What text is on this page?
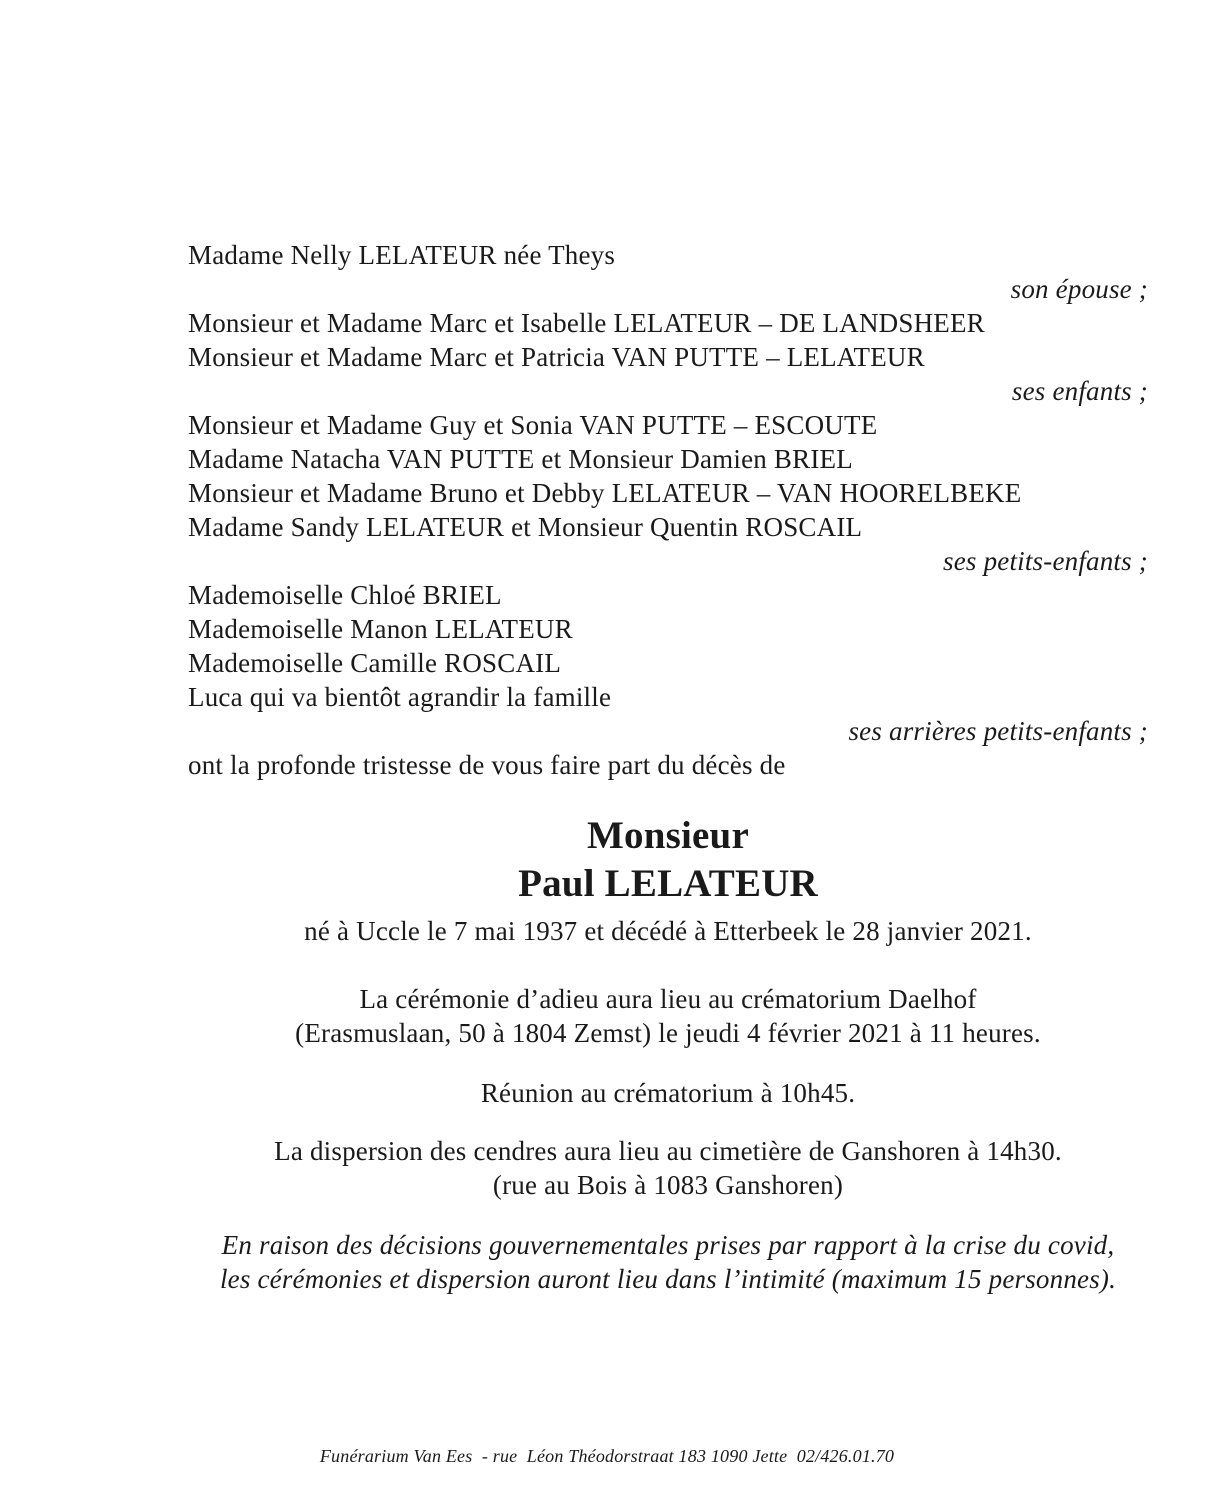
Madame Nelly LELATEUR née Theys

son épouse ;

Monsieur et Madame Marc et Isabelle LELATEUR – DE LANDSHEER

Monsieur et Madame Marc et Patricia VAN PUTTE – LELATEUR

ses enfants ;

Monsieur et Madame Guy et Sonia VAN PUTTE – ESCOUTE

Madame Natacha VAN PUTTE et Monsieur Damien BRIEL

Monsieur et Madame Bruno et Debby LELATEUR – VAN HOORELBEKE

Madame Sandy LELATEUR et Monsieur Quentin ROSCAIL

ses petits-enfants ;

Mademoiselle Chloé BRIEL

Mademoiselle Manon LELATEUR

Mademoiselle Camille ROSCAIL

Luca qui va bientôt agrandir la famille

ses arrières petits-enfants ;

ont la profonde tristesse de vous faire part du décès de

Monsieur

Paul LELATEUR

né à Uccle le 7 mai 1937 et décédé à Etterbeek le 28 janvier 2021.

La cérémonie d’adieu aura lieu au crématorium Daelhof

(Erasmuslaan, 50 à 1804 Zemst) le jeudi 4 février 2021 à 11 heures.

Réunion au crématorium à 10h45.

La dispersion des cendres aura lieu au cimetière de Ganshoren à 14h30.

(rue au Bois à 1083 Ganshoren)

En raison des décisions gouvernementales prises par rapport à la crise du covid,

les cérémonies et dispersion auront lieu dans l’intimité (maximum 15 personnes).

Funérarium Van Ees  - rue  Léon Théodorstraat 183 1090 Jette  02/426.01.70
